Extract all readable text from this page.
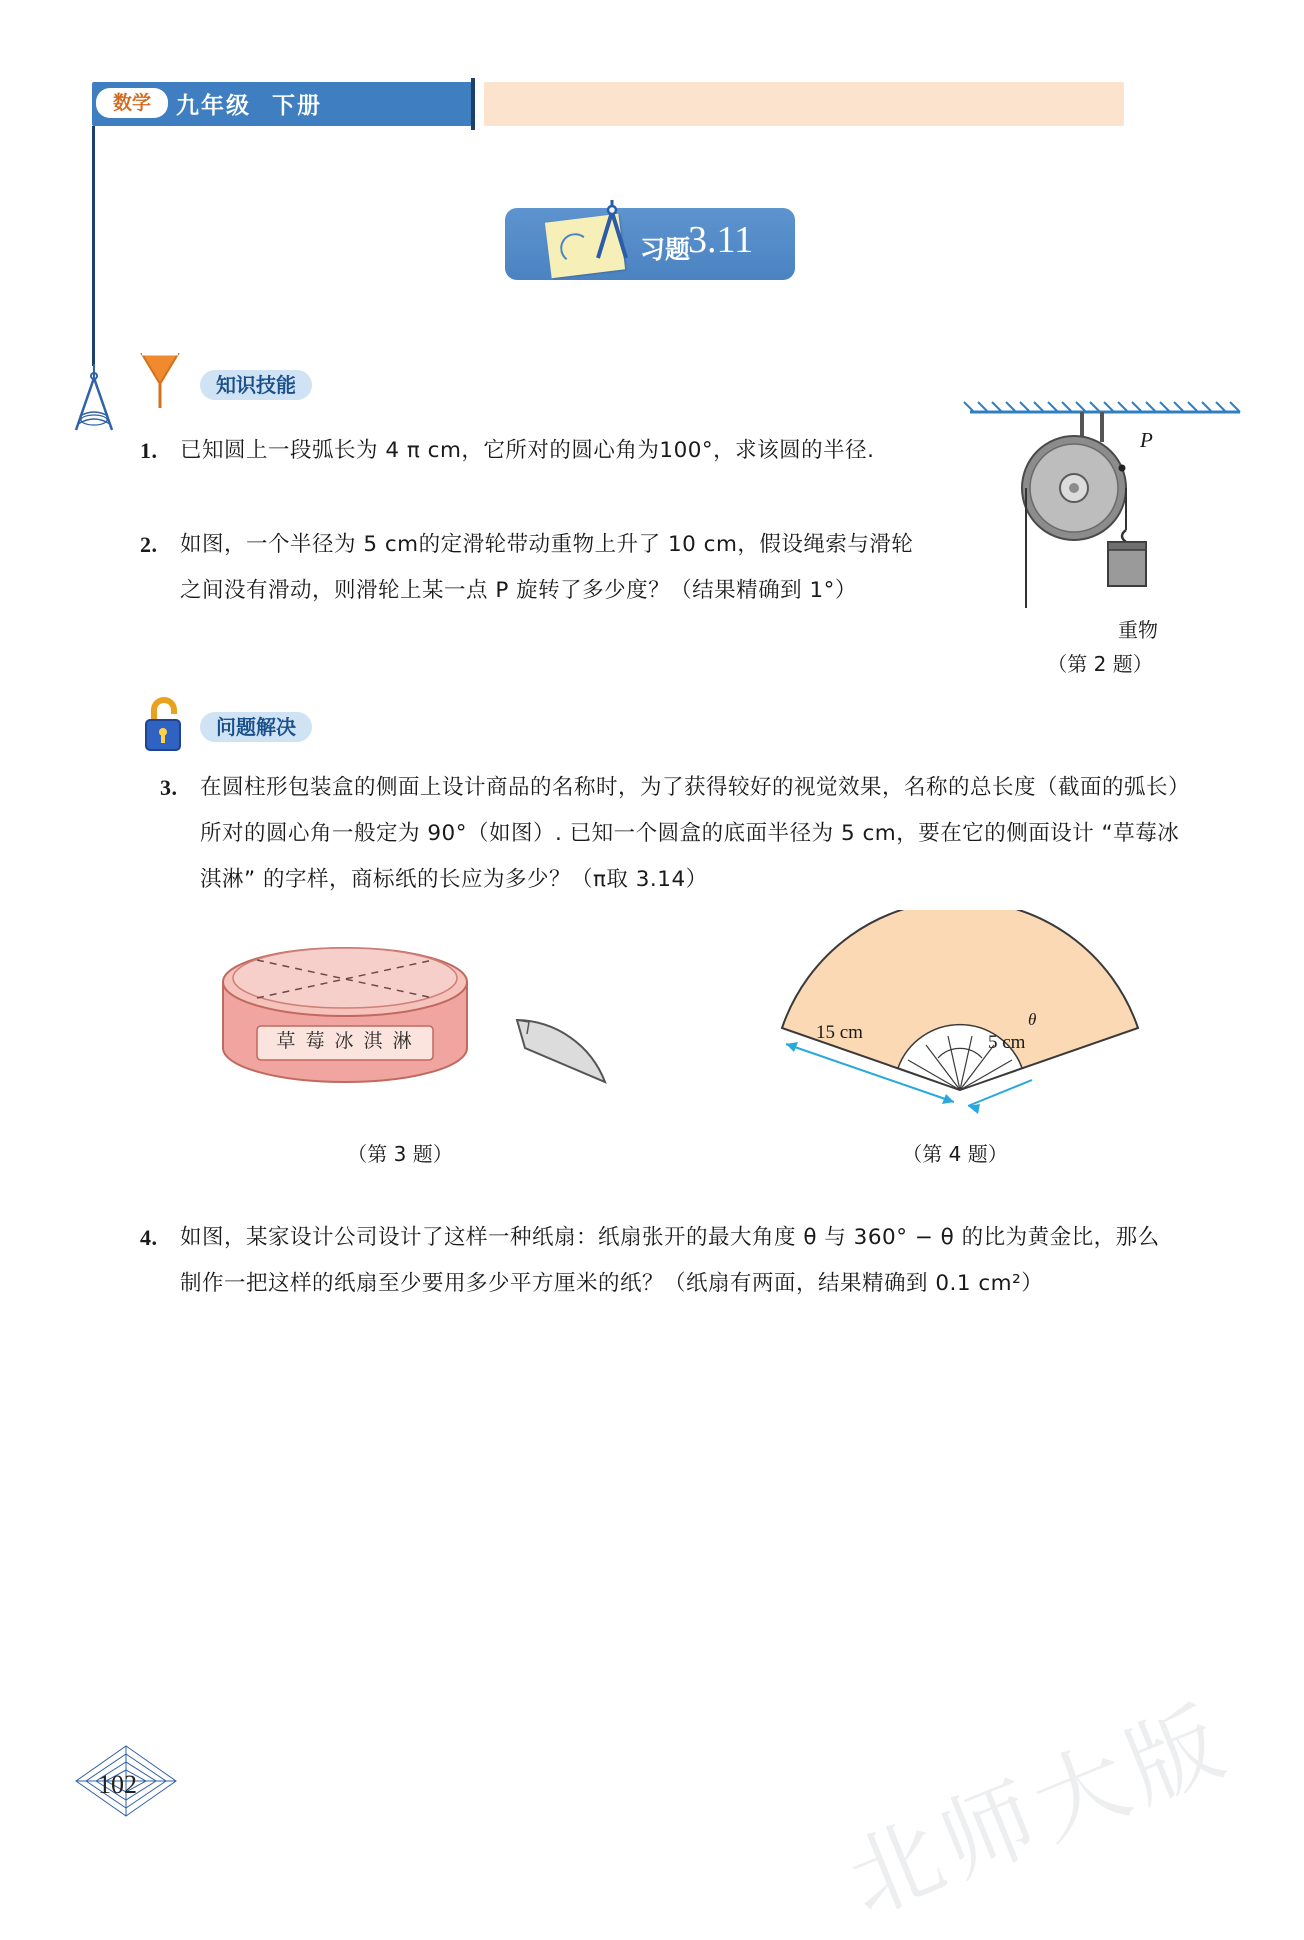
数学	九年级 下册
习题
3.11
知识技能
1. 已知圆上一段弧长为 4 π cm，它所对的圆心角为100°，求该圆的半径.
2. 如图，一个半径为 5 cm的定滑轮带动重物上升了 10 cm，假设绳索与滑轮之间没有滑动，则滑轮上某一点 P 旋转了多少度？（结果精确到 1°）
P
重物
（第 2 题）
问题解决
3. 在圆柱形包装盒的侧面上设计商品的名称时，为了获得较好的视觉效果，名称的总长度（截面的弧长）所对的圆心角一般定为 90°（如图）. 已知一个圆盒的底面半径为 5 cm，要在它的侧面设计 “草莓冰淇淋” 的字样，商标纸的长应为多少？（π取 3.14）
草 莓 冰 淇 淋
（第 3 题）
15 cm	5 cm
θ
（第 4 题）
4. 如图，某家设计公司设计了这样一种纸扇：纸扇张开的最大角度 θ 与 360° − θ 的比为黄金比，那么制作一把这样的纸扇至少要用多少平方厘米的纸？（纸扇有两面，结果精确到 0.1 cm²）
102	北师大版
